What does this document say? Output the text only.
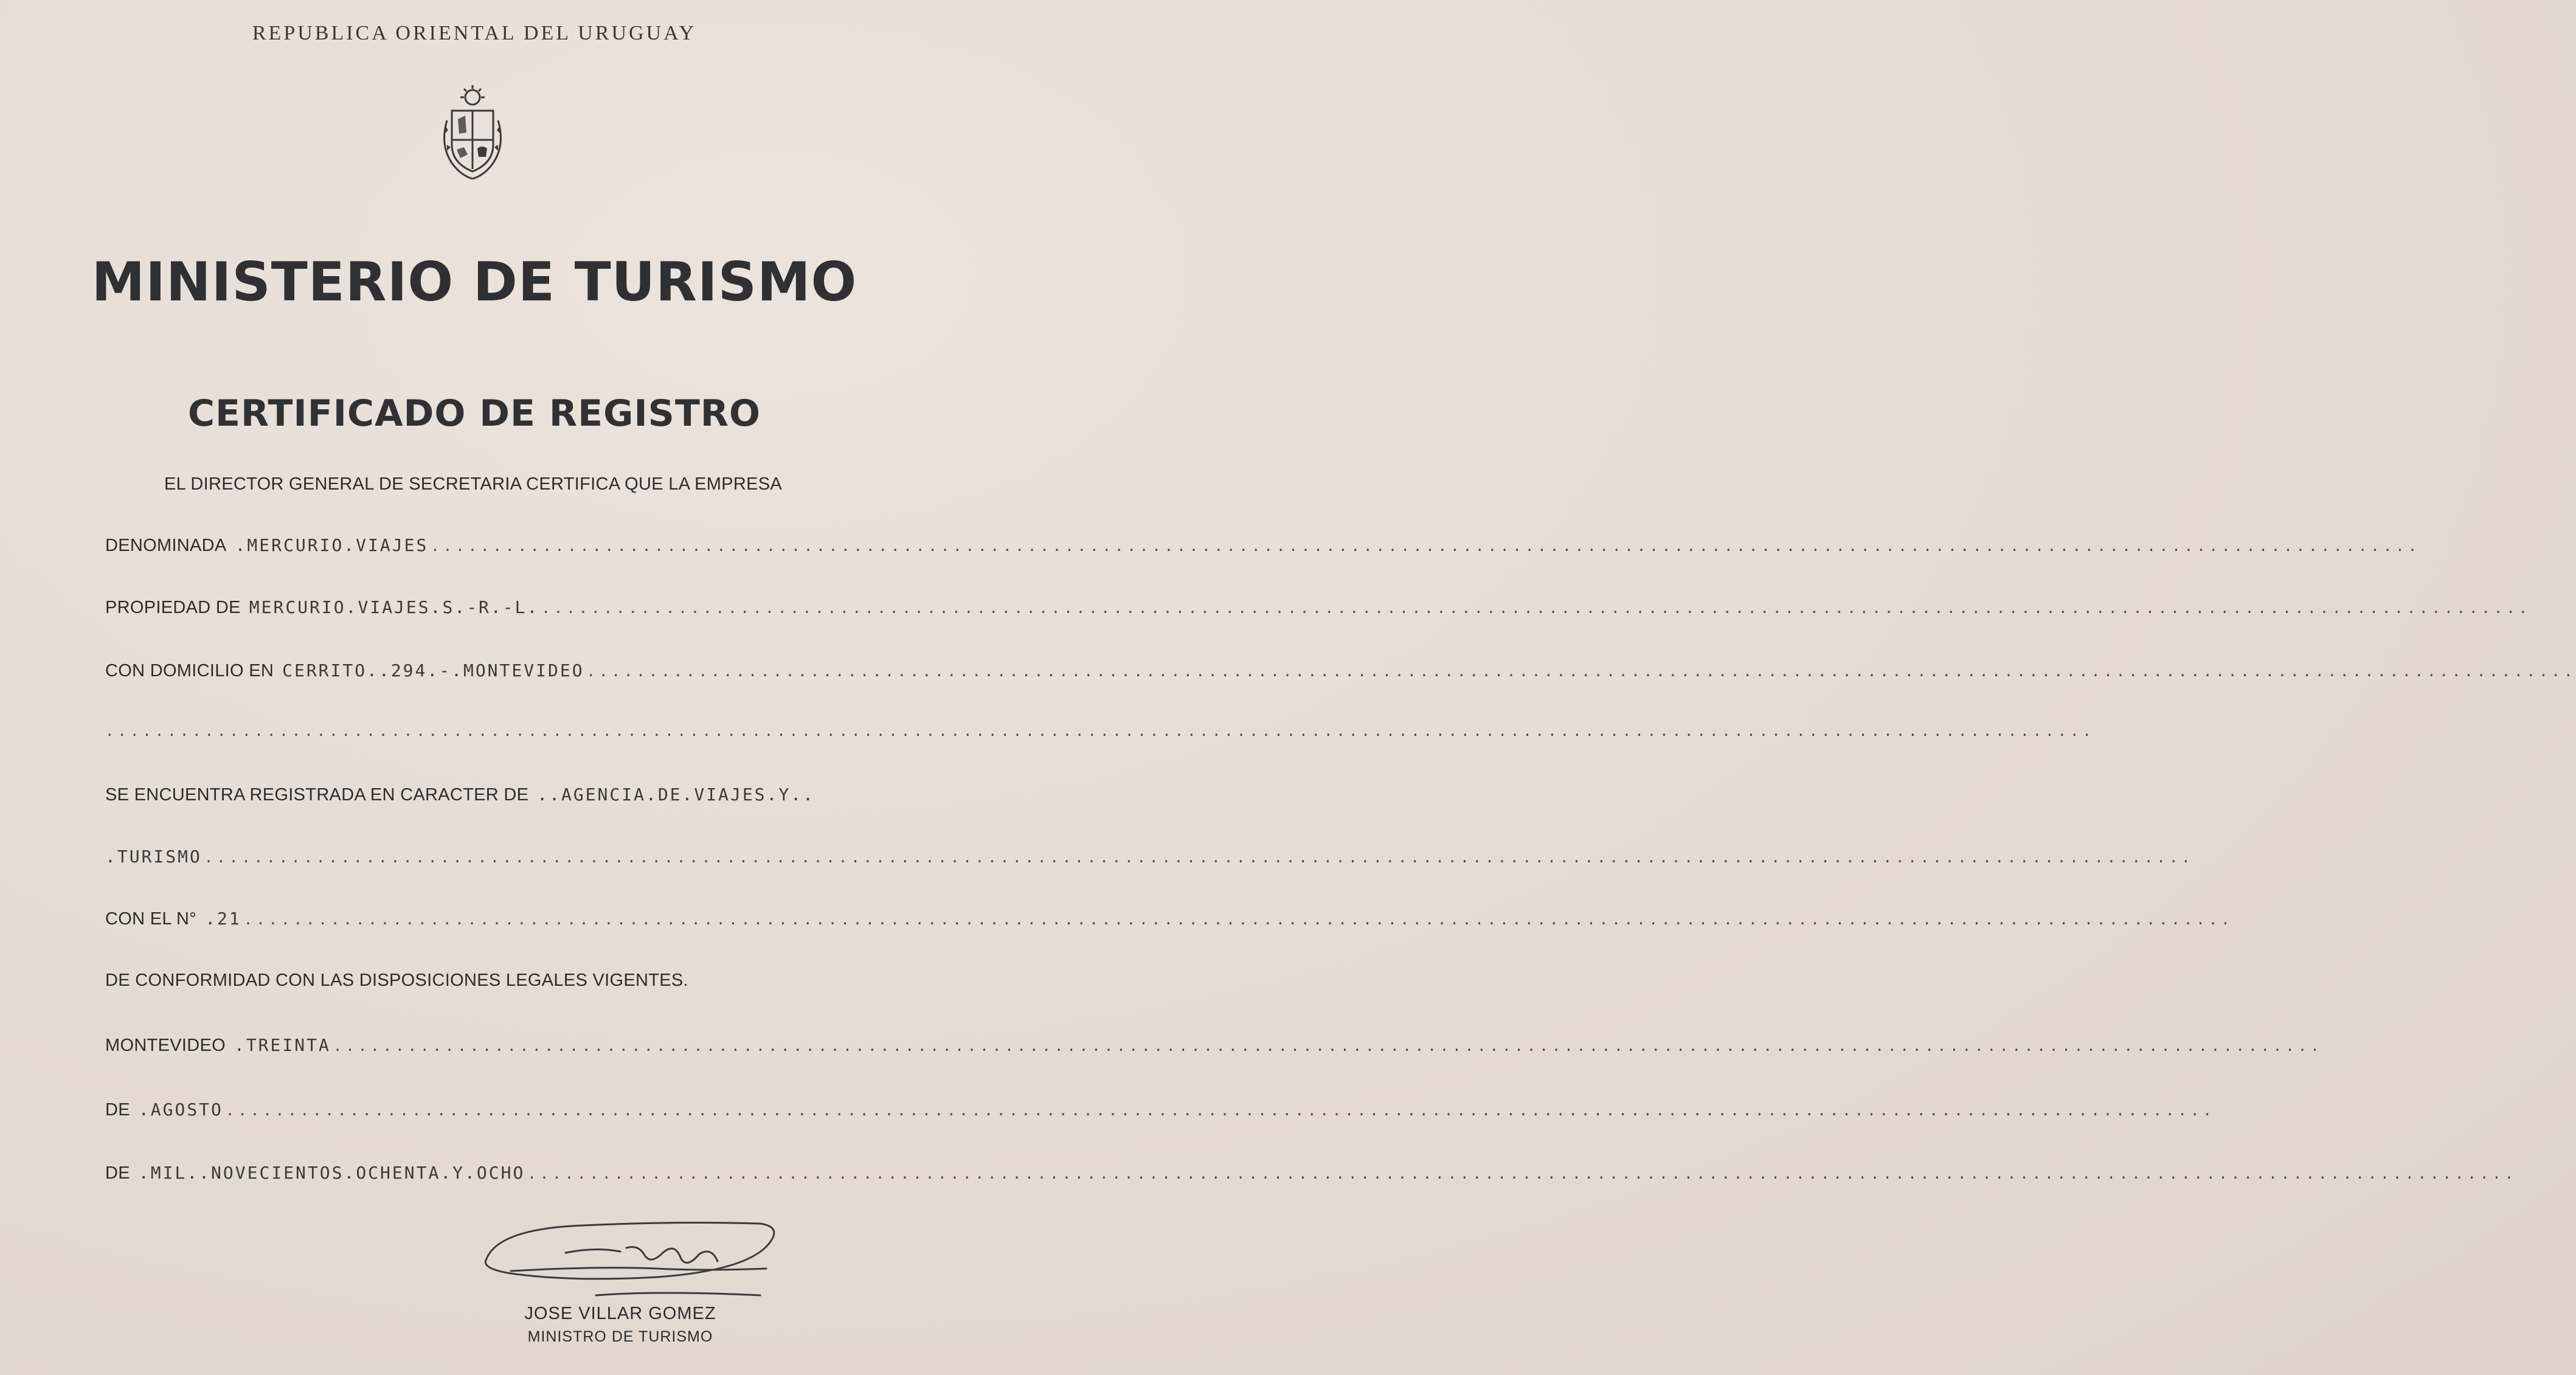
REPUBLICA ORIENTAL DEL URUGUAY
MINISTERIO DE TURISMO
CERTIFICADO DE REGISTRO
EL DIRECTOR GENERAL DE SECRETARIA CERTIFICA QUE LA EMPRESA
DENOMINADA .MERCURIO.VIAJES ................................................................................................................................................................
PROPIEDAD DE MERCURIO.VIAJES.S.-R.-L. ................................................................................................................................................................
CON DOMICILIO EN CERRITO..294.-.MONTEVIDEO ................................................................................................................................................................
................................................................................................................................................................
SE ENCUENTRA REGISTRADA EN CARACTER DE ..AGENCIA.DE.VIAJES.Y..
.TURISMO ................................................................................................................................................................
CON EL N° .21 ................................................................................................................................................................
DE CONFORMIDAD CON LAS DISPOSICIONES LEGALES VIGENTES.
MONTEVIDEO .TREINTA ................................................................................................................................................................
DE .AGOSTO ................................................................................................................................................................
DE .MIL..NOVECIENTOS.OCHENTA.Y.OCHO ................................................................................................................................................................
JOSE VILLAR GOMEZ
MINISTRO DE TURISMO
